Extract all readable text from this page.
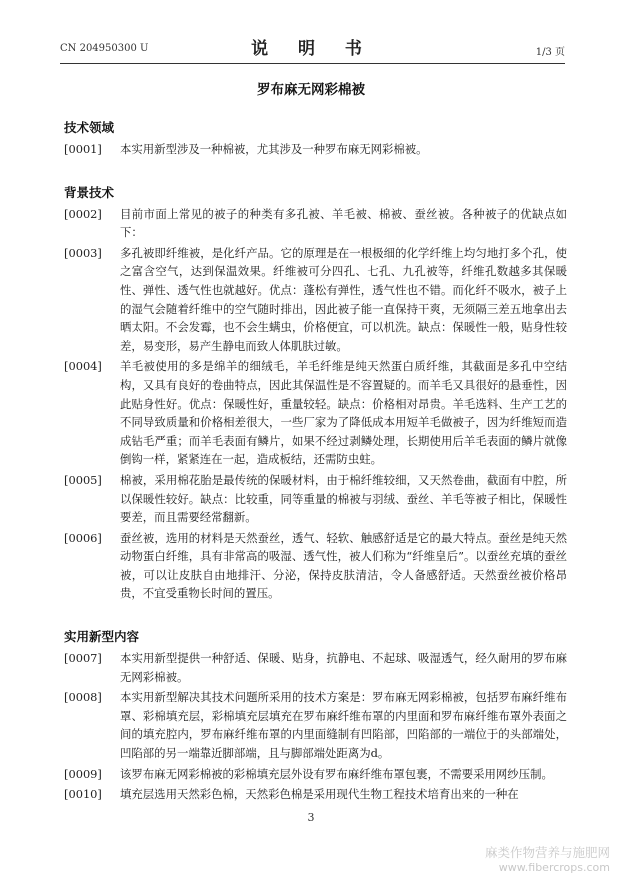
CN 204950300 U	说 明 书	1/3 页
罗布麻无网彩棉被
技术领域
[0001]	本实用新型涉及一种棉被，尤其涉及一种罗布麻无网彩棉被。
背景技术
[0002]	目前市面上常见的被子的种类有多孔被、羊毛被、棉被、蚕丝被。各种被子的优缺点如下：
[0003]	多孔被即纤维被，是化纤产品。它的原理是在一根极细的化学纤维上均匀地打多个孔，使之富含空气，达到保温效果。纤维被可分四孔、七孔、九孔被等，纤维孔数越多其保暖性、弹性、透气性也就越好。优点：蓬松有弹性，透气性也不错。而化纤不吸水，被子上的湿气会随着纤维中的空气随时排出，因此被子能一直保持干爽，无须隔三差五地拿出去晒太阳。不会发霉，也不会生螨虫，价格便宜，可以机洗。缺点：保暖性一般，贴身性较差，易变形，易产生静电而致人体肌肤过敏。
[0004]	羊毛被使用的多是绵羊的细绒毛，羊毛纤维是纯天然蛋白质纤维，其截面是多孔中空结构，又具有良好的卷曲特点，因此其保温性是不容置疑的。而羊毛又具很好的悬垂性，因此贴身性好。优点：保暖性好，重量较轻。缺点：价格相对昂贵。羊毛选料、生产工艺的不同导致质量和价格相差很大，一些厂家为了降低成本用短羊毛做被子，因为纤维短而造成钻毛严重；而羊毛表面有鳞片，如果不经过剥鳞处理，长期使用后羊毛表面的鳞片就像倒钩一样，紧紧连在一起，造成板结，还需防虫蛀。
[0005]	棉被，采用棉花胎是最传统的保暖材料，由于棉纤维较细，又天然卷曲，截面有中腔，所以保暖性较好。缺点：比较重，同等重量的棉被与羽绒、蚕丝、羊毛等被子相比，保暖性要差，而且需要经常翻新。
[0006]	蚕丝被，选用的材料是天然蚕丝，透气、轻软、触感舒适是它的最大特点。蚕丝是纯天然动物蛋白纤维，具有非常高的吸湿、透气性，被人们称为“纤维皇后”。以蚕丝充填的蚕丝被，可以让皮肤自由地排汗、分泌，保持皮肤清洁，令人备感舒适。天然蚕丝被价格昂贵，不宜受重物长时间的置压。
实用新型内容
[0007]	本实用新型提供一种舒适、保暖、贴身，抗静电、不起球、吸湿透气，经久耐用的罗布麻无网彩棉被。
[0008]	本实用新型解决其技术问题所采用的技术方案是：罗布麻无网彩棉被，包括罗布麻纤维布罩、彩棉填充层，彩棉填充层填充在罗布麻纤维布罩的内里面和罗布麻纤维布罩外表面之间的填充腔内，罗布麻纤维布罩的内里面缝制有凹陷部，凹陷部的一端位于的头部端处，凹陷部的另一端靠近脚部端，且与脚部端处距离为d。
[0009]	该罗布麻无网彩棉被的彩棉填充层外设有罗布麻纤维布罩包裹，不需要采用网纱压制。
[0010]	填充层选用天然彩色棉，天然彩色棉是采用现代生物工程技术培育出来的一种在
3
麻类作物营养与施肥网
www.fibercrops.com
